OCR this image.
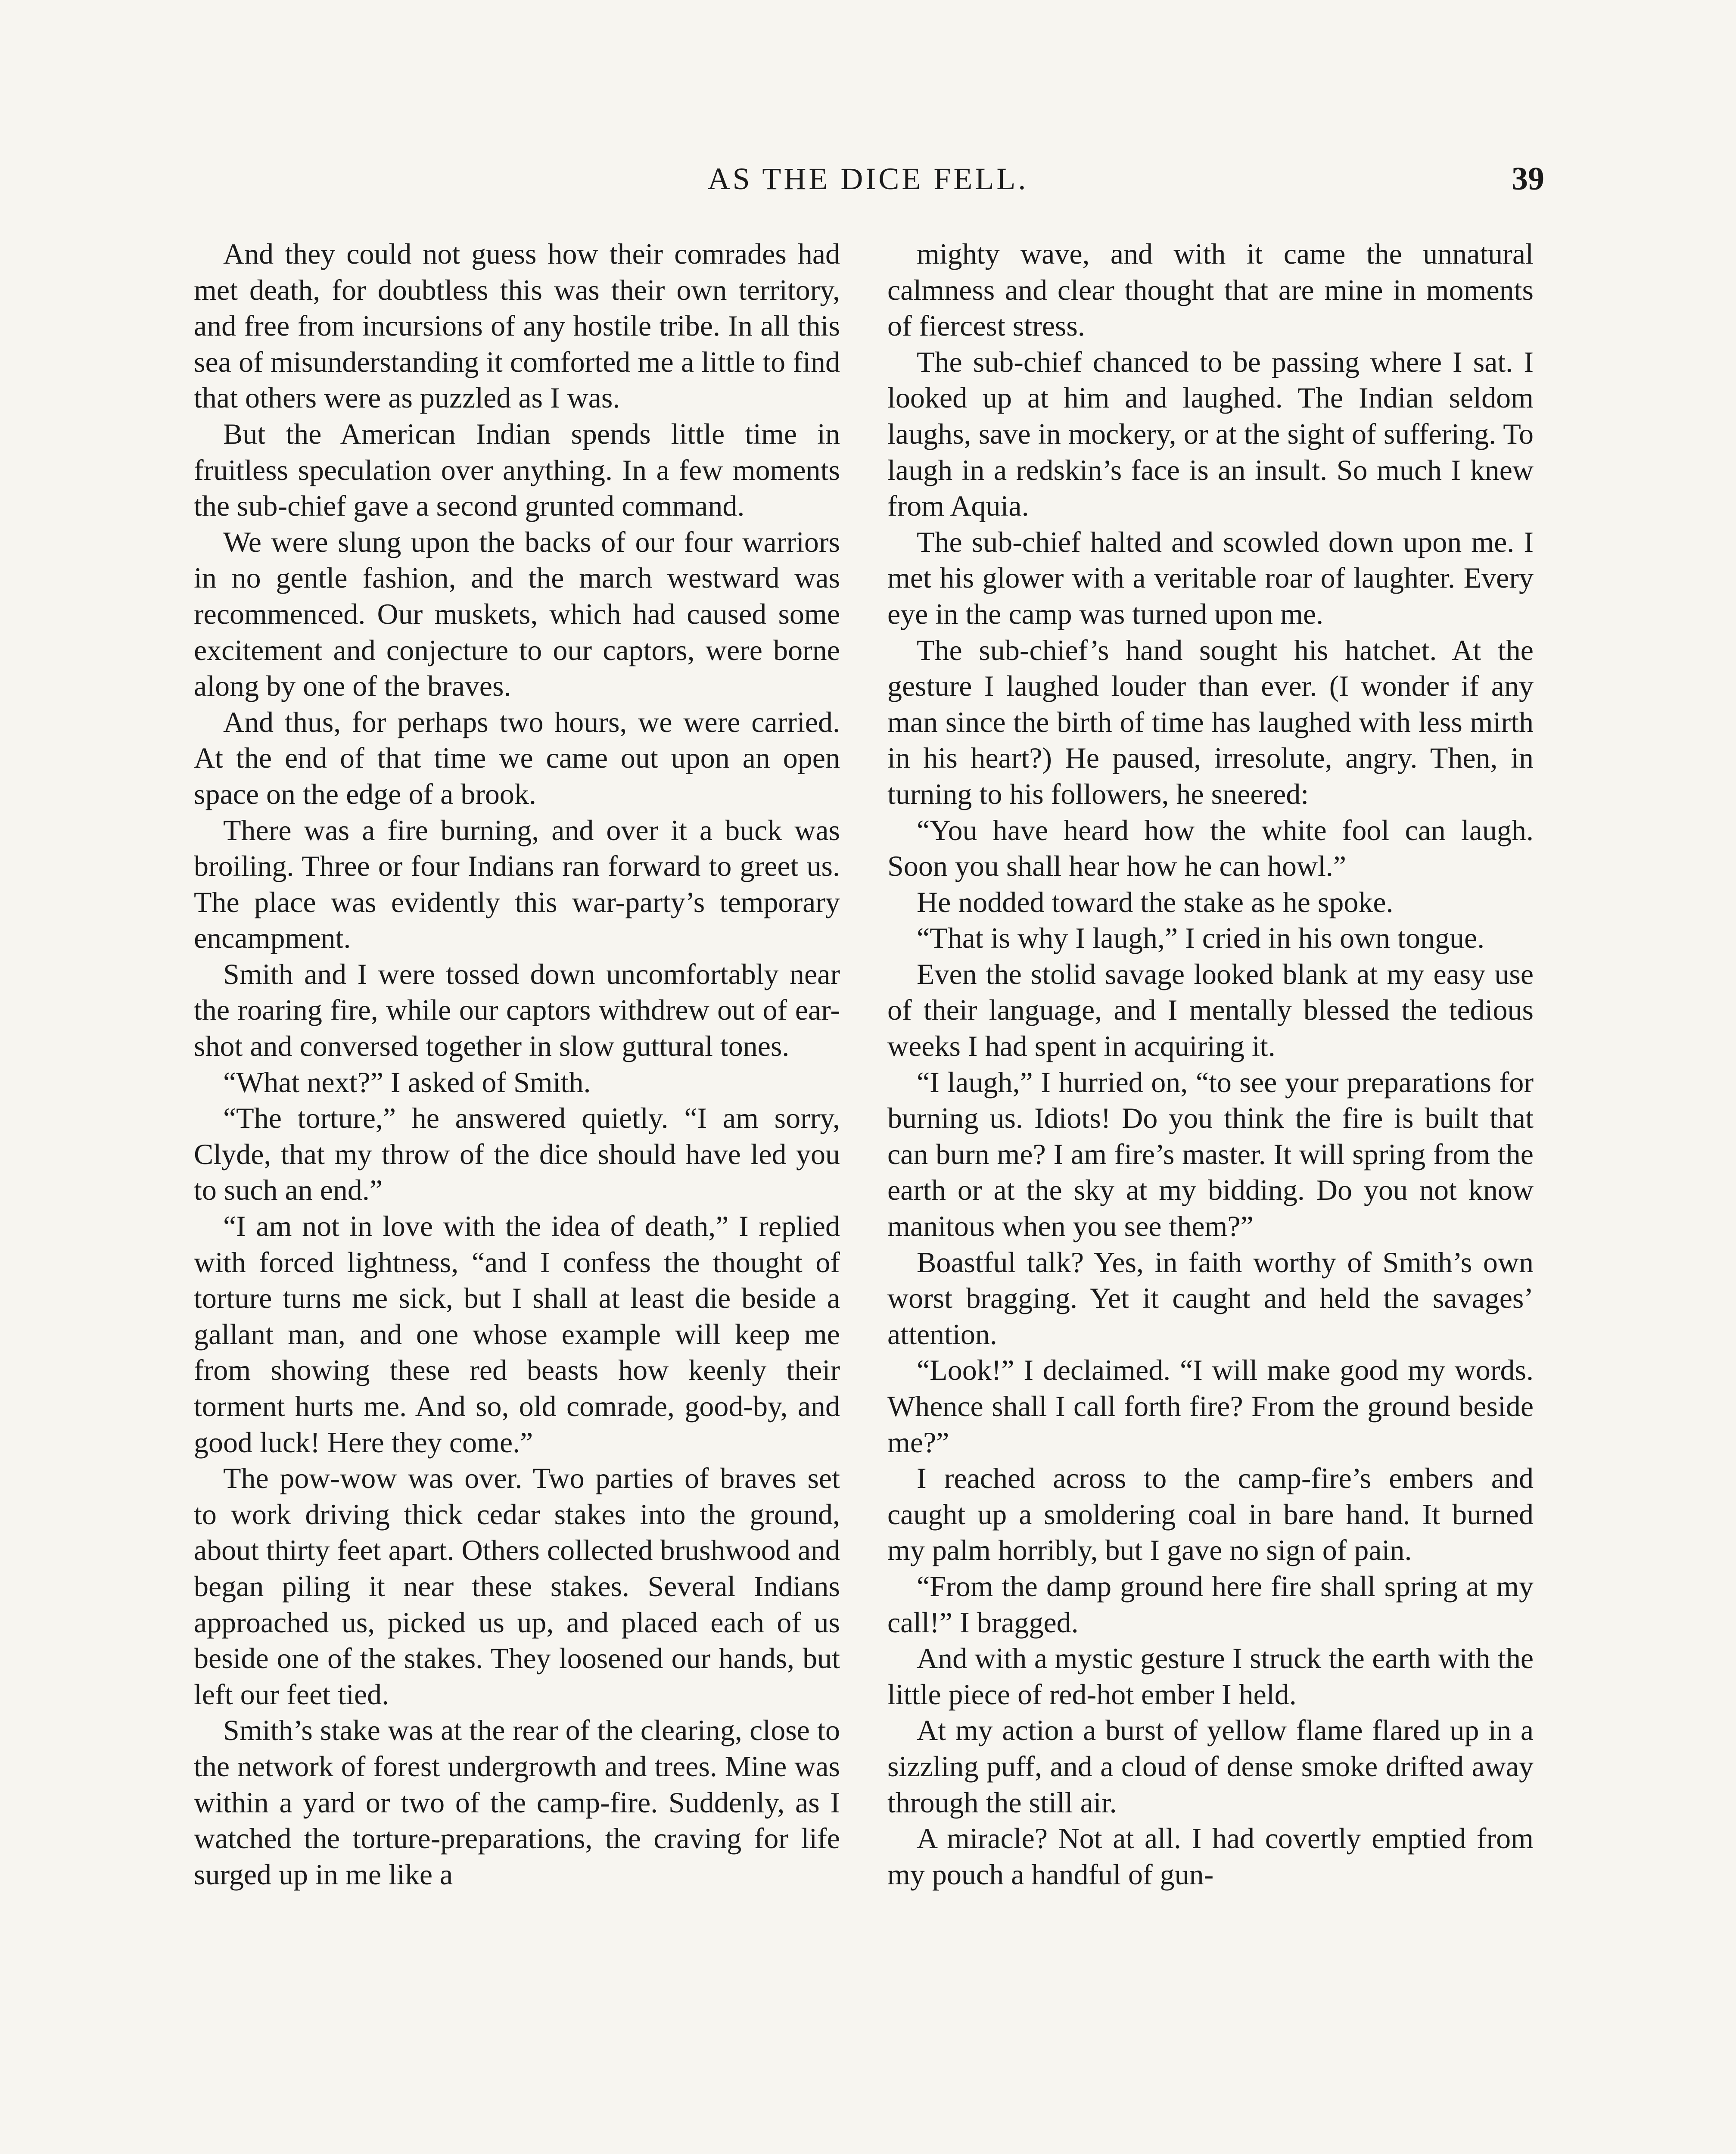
AS THE DICE FELL.	39

And they could not guess how their comrades had met death, for doubtless this was their own territory, and free from incursions of any hostile tribe. In all this sea of misunderstanding it comforted me a little to find that others were as puzzled as I was.

But the American Indian spends little time in fruitless speculation over anything. In a few moments the sub-chief gave a second grunted command.

We were slung upon the backs of our four warriors in no gentle fashion, and the march westward was recommenced. Our muskets, which had caused some excitement and conjecture to our captors, were borne along by one of the braves.

And thus, for perhaps two hours, we were carried. At the end of that time we came out upon an open space on the edge of a brook.

There was a fire burning, and over it a buck was broiling. Three or four Indians ran forward to greet us. The place was evidently this war-party’s temporary encampment.

Smith and I were tossed down uncomfortably near the roaring fire, while our captors withdrew out of ear-shot and conversed together in slow guttural tones.

“What next?” I asked of Smith.

“The torture,” he answered quietly. “I am sorry, Clyde, that my throw of the dice should have led you to such an end.”

“I am not in love with the idea of death,” I replied with forced lightness, “and I confess the thought of torture turns me sick, but I shall at least die beside a gallant man, and one whose example will keep me from showing these red beasts how keenly their torment hurts me. And so, old comrade, good-by, and good luck! Here they come.”

The pow-wow was over. Two parties of braves set to work driving thick cedar stakes into the ground, about thirty feet apart. Others collected brushwood and began piling it near these stakes. Several Indians approached us, picked us up, and placed each of us beside one of the stakes. They loosened our hands, but left our feet tied.

Smith’s stake was at the rear of the clearing, close to the network of forest undergrowth and trees. Mine was within a yard or two of the camp-fire. Suddenly, as I watched the torture-preparations, the craving for life surged up in me like a

mighty wave, and with it came the unnatural calmness and clear thought that are mine in moments of fiercest stress.

The sub-chief chanced to be passing where I sat. I looked up at him and laughed. The Indian seldom laughs, save in mockery, or at the sight of suffering. To laugh in a redskin’s face is an insult. So much I knew from Aquia.

The sub-chief halted and scowled down upon me. I met his glower with a veritable roar of laughter. Every eye in the camp was turned upon me.

The sub-chief’s hand sought his hatchet. At the gesture I laughed louder than ever. (I wonder if any man since the birth of time has laughed with less mirth in his heart?) He paused, irresolute, angry. Then, in turning to his followers, he sneered:

“You have heard how the white fool can laugh. Soon you shall hear how he can howl.”

He nodded toward the stake as he spoke.

“That is why I laugh,” I cried in his own tongue.

Even the stolid savage looked blank at my easy use of their language, and I mentally blessed the tedious weeks I had spent in acquiring it.

“I laugh,” I hurried on, “to see your preparations for burning us. Idiots! Do you think the fire is built that can burn me? I am fire’s master. It will spring from the earth or at the sky at my bidding. Do you not know manitous when you see them?”

Boastful talk? Yes, in faith worthy of Smith’s own worst bragging. Yet it caught and held the savages’ attention.

“Look!” I declaimed. “I will make good my words. Whence shall I call forth fire? From the ground beside me?”

I reached across to the camp-fire’s embers and caught up a smoldering coal in bare hand. It burned my palm horribly, but I gave no sign of pain.

“From the damp ground here fire shall spring at my call!” I bragged.

And with a mystic gesture I struck the earth with the little piece of red-hot ember I held.

At my action a burst of yellow flame flared up in a sizzling puff, and a cloud of dense smoke drifted away through the still air.

A miracle? Not at all. I had covertly emptied from my pouch a handful of gun-
